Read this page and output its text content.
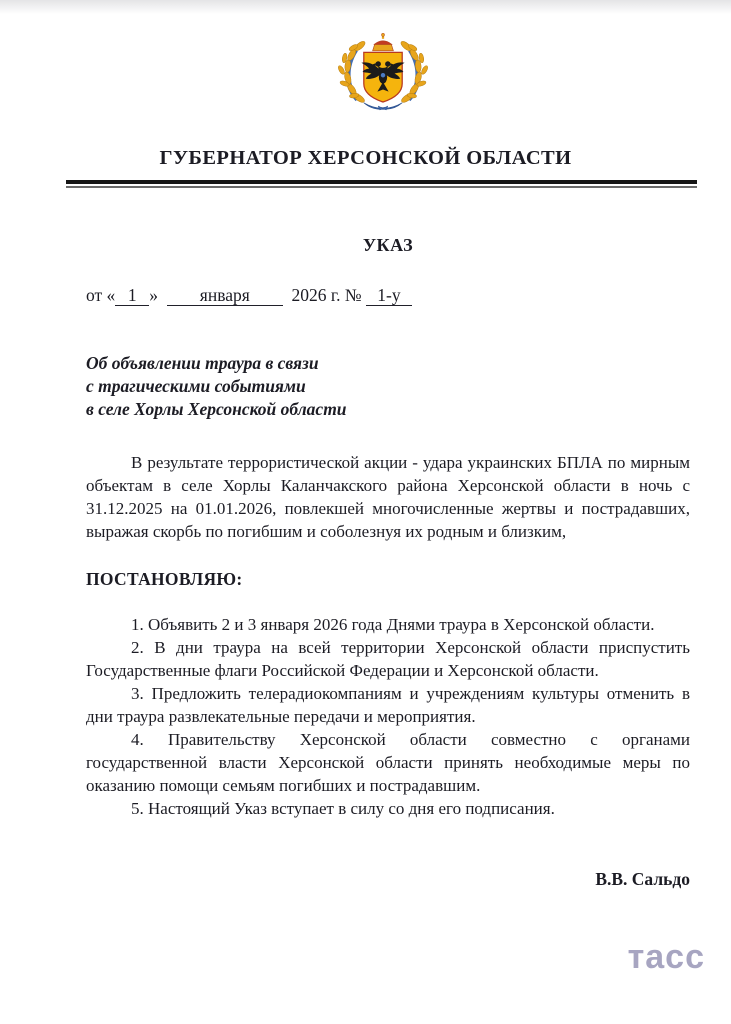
ГУБЕРНАТОР ХЕРСОНСКОЙ ОБЛАСТИ
УКАЗ
от « 1 » января 2026 г. № 1-у
Об объявлении траура в связи
с трагическими событиями
в селе Хорлы Херсонской области

В результате террористической акции - удара украинских БПЛА по мирным объектам в селе Хорлы Каланчакского района Херсонской области в ночь с 31.12.2025 на 01.01.2026, повлекшей многочисленные жертвы и пострадавших, выражая скорбь по погибшим и соболезнуя их родным и близким,

ПОСТАНОВЛЯЮ:

1. Объявить 2 и 3 января 2026 года Днями траура в Херсонской области.

2. В дни траура на всей территории Херсонской области приспустить Государственные флаги Российской Федерации и Херсонской области.

3. Предложить телерадиокомпаниям и учреждениям культуры отменить в дни траура развлекательные передачи и мероприятия.

4. Правительству Херсонской области совместно с органами государственной власти Херсонской области принять необходимые меры по оказанию помощи семьям погибших и пострадавшим.

5. Настоящий Указ вступает в силу со дня его подписания.

В.В. Сальдо
тасс
